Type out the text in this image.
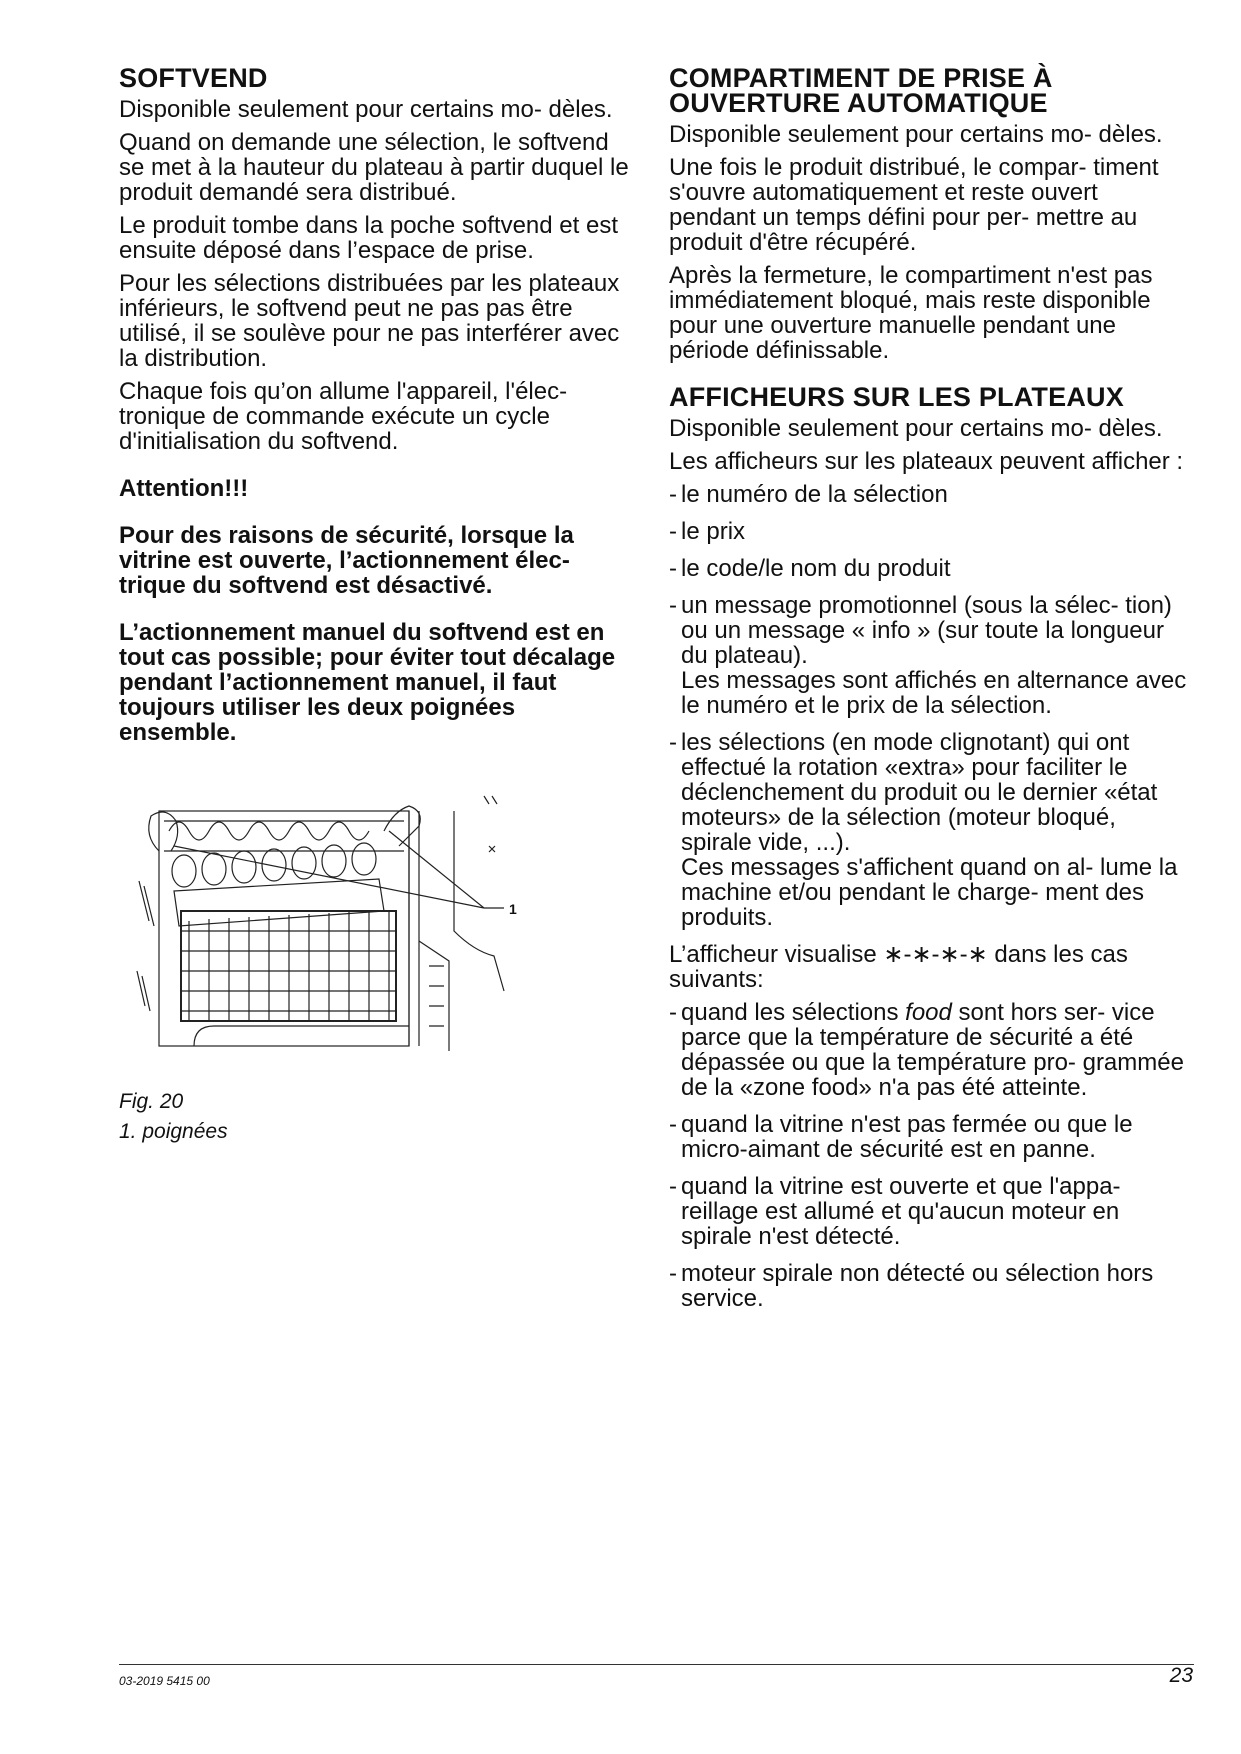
SOFTVEND

Disponible seulement pour certains mo- dèles.

Quand on demande une sélection, le softvend se met à la hauteur du plateau à partir duquel le produit demandé sera distribué.

Le produit tombe dans la poche softvend et est ensuite déposé dans l’espace de prise.

Pour les sélections distribuées par les plateaux inférieurs, le softvend peut ne pas pas être utilisé, il se soulève pour ne pas interférer avec la distribution.

Chaque fois qu’on allume l'appareil, l'élec- tronique de commande exécute un cycle d'initialisation du softvend.

Attention!!!

Pour des raisons de sécurité, lorsque la vitrine est ouverte, l’actionnement élec- trique du softvend est désactivé.

L’actionnement manuel du softvend est en tout cas possible; pour éviter tout décalage pendant l’actionnement manuel, il faut toujours utiliser les deux poignées ensemble.

1
Fig. 20
1. poignées
COMPARTIMENT DE PRISE À
OUVERTURE AUTOMATIQUE

Disponible seulement pour certains mo- dèles.

Une fois le produit distribué, le compar- timent s'ouvre automatiquement et reste ouvert pendant un temps défini pour per- mettre au produit d'être récupéré.

Après la fermeture, le compartiment n'est pas immédiatement bloqué, mais reste disponible pour une ouverture manuelle pendant une période définissable.

AFFICHEURS SUR LES PLATEAUX

Disponible seulement pour certains mo- dèles.

Les afficheurs sur les plateaux peuvent afficher :

- le numéro de la sélection
- le prix
- le code/le nom du produit
- un message promotionnel (sous la sélec- tion) ou un message « info » (sur toute la longueur du plateau).
Les messages sont affichés en alternance avec le numéro et le prix de la sélection.
- les sélections (en mode clignotant) qui ont effectué la rotation «extra» pour faciliter le déclenchement du produit ou le dernier «état moteurs» de la sélection (moteur bloqué, spirale vide, ...).
Ces messages s'affichent quand on al- lume la machine et/ou pendant le charge- ment des produits.

L’afficheur visualise ∗-∗-∗-∗ dans les cas suivants:

- quand les sélections food sont hors ser- vice parce que la température de sécurité a été dépassée ou que la température pro- grammée de la «zone food» n'a pas été atteinte.
- quand la vitrine n'est pas fermée ou que le micro-aimant de sécurité est en panne.
- quand la vitrine est ouverte et que l'appa- reillage est allumé et qu'aucun moteur en spirale n'est détecté.
- moteur spirale non détecté ou sélection hors service.
03-2019 5415 00	23
